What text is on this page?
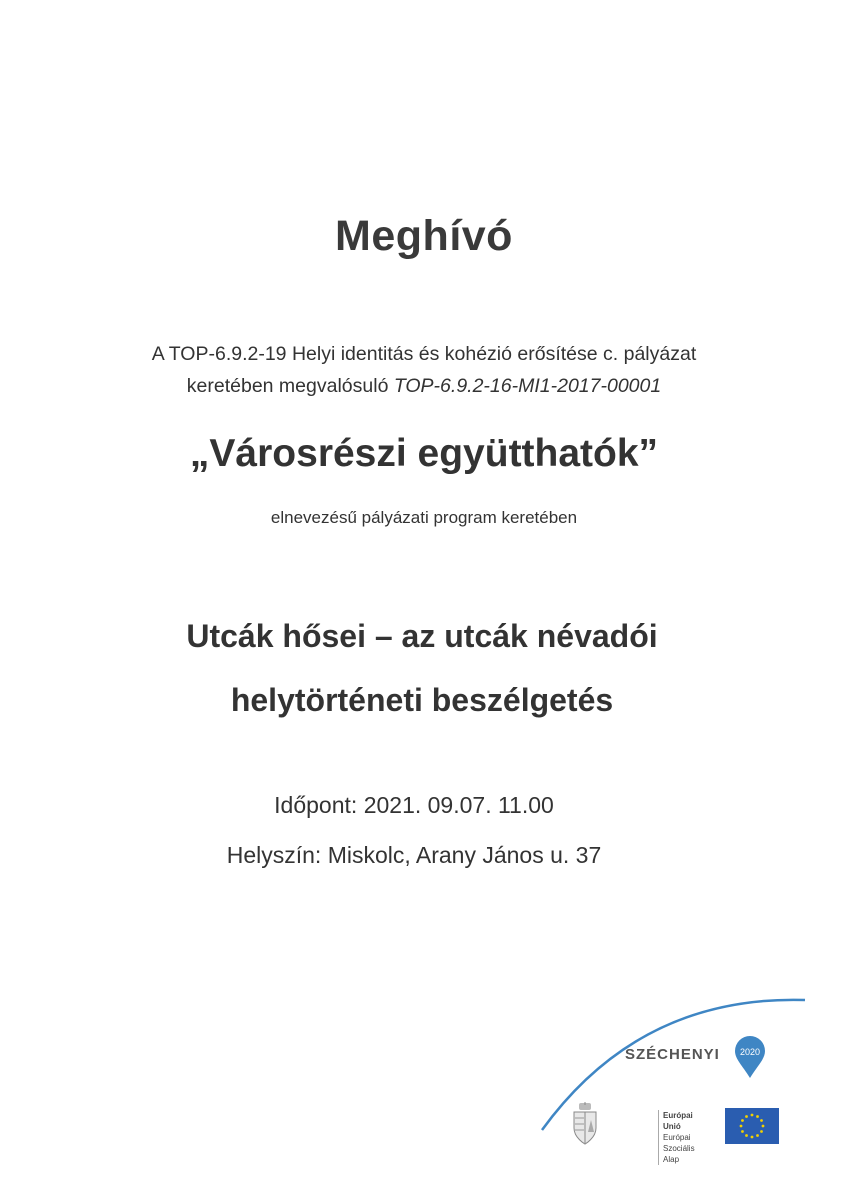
Meghívó
A TOP-6.9.2-19 Helyi identitás és kohézió erősítése c. pályázat
keretében megvalósuló TOP-6.9.2-16-MI1-2017-00001
„Városrészi együtthatók”
elnevezésű pályázati program keretében
Utcák hősei – az utcák névadói
helytörténeti beszélgetés
Időpont: 2021. 09.07. 11.00
Helyszín: Miskolc, Arany János u. 37
SZÉCHENYI 2020
Európai Unió
Európai Szociális
Alap
